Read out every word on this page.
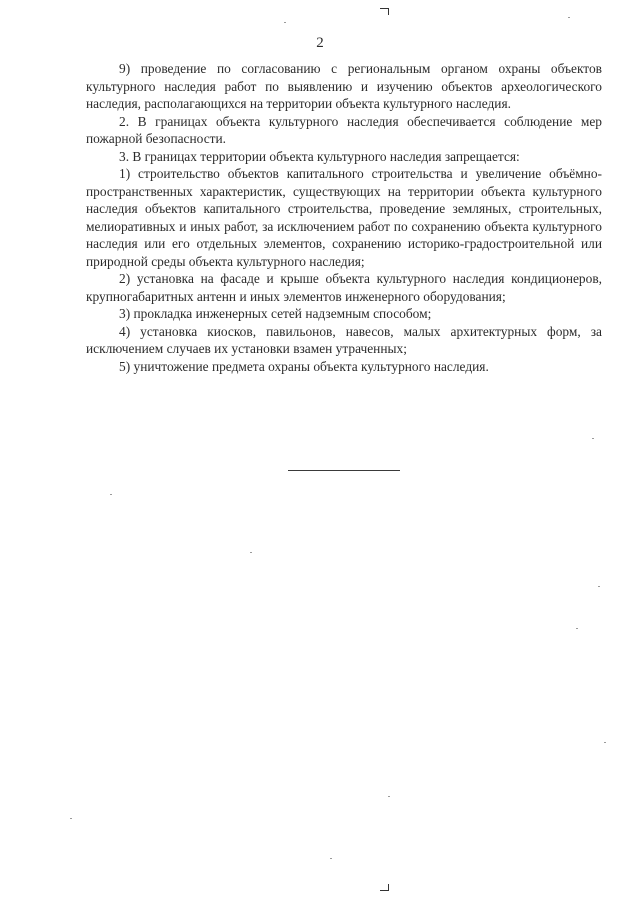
2

9) проведение по согласованию с региональным органом охраны объектов культурного наследия работ по выявлению и изучению объектов археологического наследия, располагающихся на территории объекта культурного наследия.

2. В границах объекта культурного наследия обеспечивается соблюдение мер пожарной безопасности.

3. В границах территории объекта культурного наследия запрещается:

1) строительство объектов капитального строительства и увеличение объёмно-пространственных характеристик, существующих на территории объекта культурного наследия объектов капитального строительства, проведение земляных, строительных, мелиоративных и иных работ, за исключением работ по сохранению объекта культурного наследия или его отдельных элементов, сохранению историко-градостроительной или природной среды объекта культурного наследия;

2) установка на фасаде и крыше объекта культурного наследия кондиционеров, крупногабаритных антенн и иных элементов инженерного оборудования;

3) прокладка инженерных сетей надземным способом;

4) установка киосков, павильонов, навесов, малых архитектурных форм, за исключением случаев их установки взамен утраченных;

5) уничтожение предмета охраны объекта культурного наследия.
